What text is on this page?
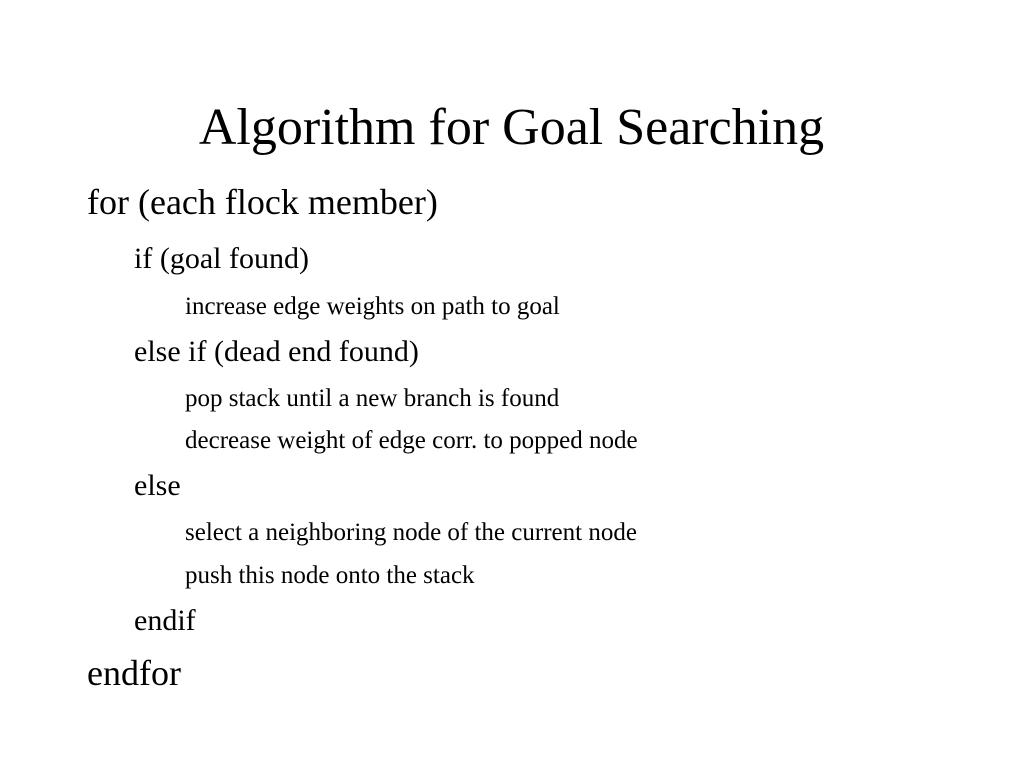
Algorithm for Goal Searching
for (each flock member)
if (goal found)
increase edge weights on path to goal
else if (dead end found)
pop stack until a new branch is found
decrease weight of edge corr. to popped node
else
select a neighboring node of the current node
push this node onto the stack
endif
endfor
